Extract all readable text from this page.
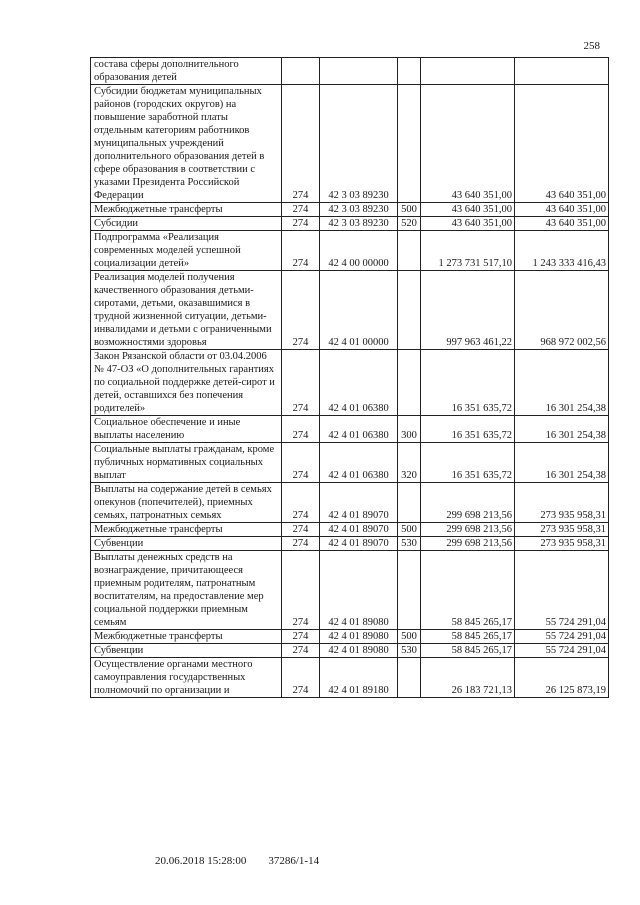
258
состава сферы дополнительного образования детей					
Субсидии бюджетам муниципальных районов (городских округов) на повышение заработной платы отдельным категориям работников муниципальных учреждений дополнительного образования детей в сфере образования в соответствии с указами Президента Российской Федерации	274	42 3 03 89230		43 640 351,00	43 640 351,00
Межбюджетные трансферты	274	42 3 03 89230	500	43 640 351,00	43 640 351,00
Субсидии	274	42 3 03 89230	520	43 640 351,00	43 640 351,00
Подпрограмма «Реализация современных моделей успешной социализации детей»	274	42 4 00 00000		1 273 731 517,10	1 243 333 416,43
Реализация моделей получения качественного образования детьми-сиротами, детьми, оказавшимися в трудной жизненной ситуации, детьми-инвалидами и детьми с ограниченными возможностями здоровья	274	42 4 01 00000		997 963 461,22	968 972 002,56
Закон Рязанской области от 03.04.2006 № 47-ОЗ «О дополнительных гарантиях по социальной поддержке детей-сирот и детей, оставшихся без попечения родителей»	274	42 4 01 06380		16 351 635,72	16 301 254,38
Социальное обеспечение и иные выплаты населению	274	42 4 01 06380	300	16 351 635,72	16 301 254,38
Социальные выплаты гражданам, кроме публичных нормативных социальных выплат	274	42 4 01 06380	320	16 351 635,72	16 301 254,38
Выплаты на содержание детей в семьях опекунов (попечителей), приемных семьях, патронатных семьях	274	42 4 01 89070		299 698 213,56	273 935 958,31
Межбюджетные трансферты	274	42 4 01 89070	500	299 698 213,56	273 935 958,31
Субвенции	274	42 4 01 89070	530	299 698 213,56	273 935 958,31
Выплаты денежных средств на вознаграждение, причитающееся приемным родителям, патронатным воспитателям, на предоставление мер социальной поддержки приемным семьям	274	42 4 01 89080		58 845 265,17	55 724 291,04
Межбюджетные трансферты	274	42 4 01 89080	500	58 845 265,17	55 724 291,04
Субвенции	274	42 4 01 89080	530	58 845 265,17	55 724 291,04
Осуществление органами местного самоуправления государственных полномочий по организации и	274	42 4 01 89180		26 183 721,13	26 125 873,19
20.06.2018 15:28:00 37286/1-14
